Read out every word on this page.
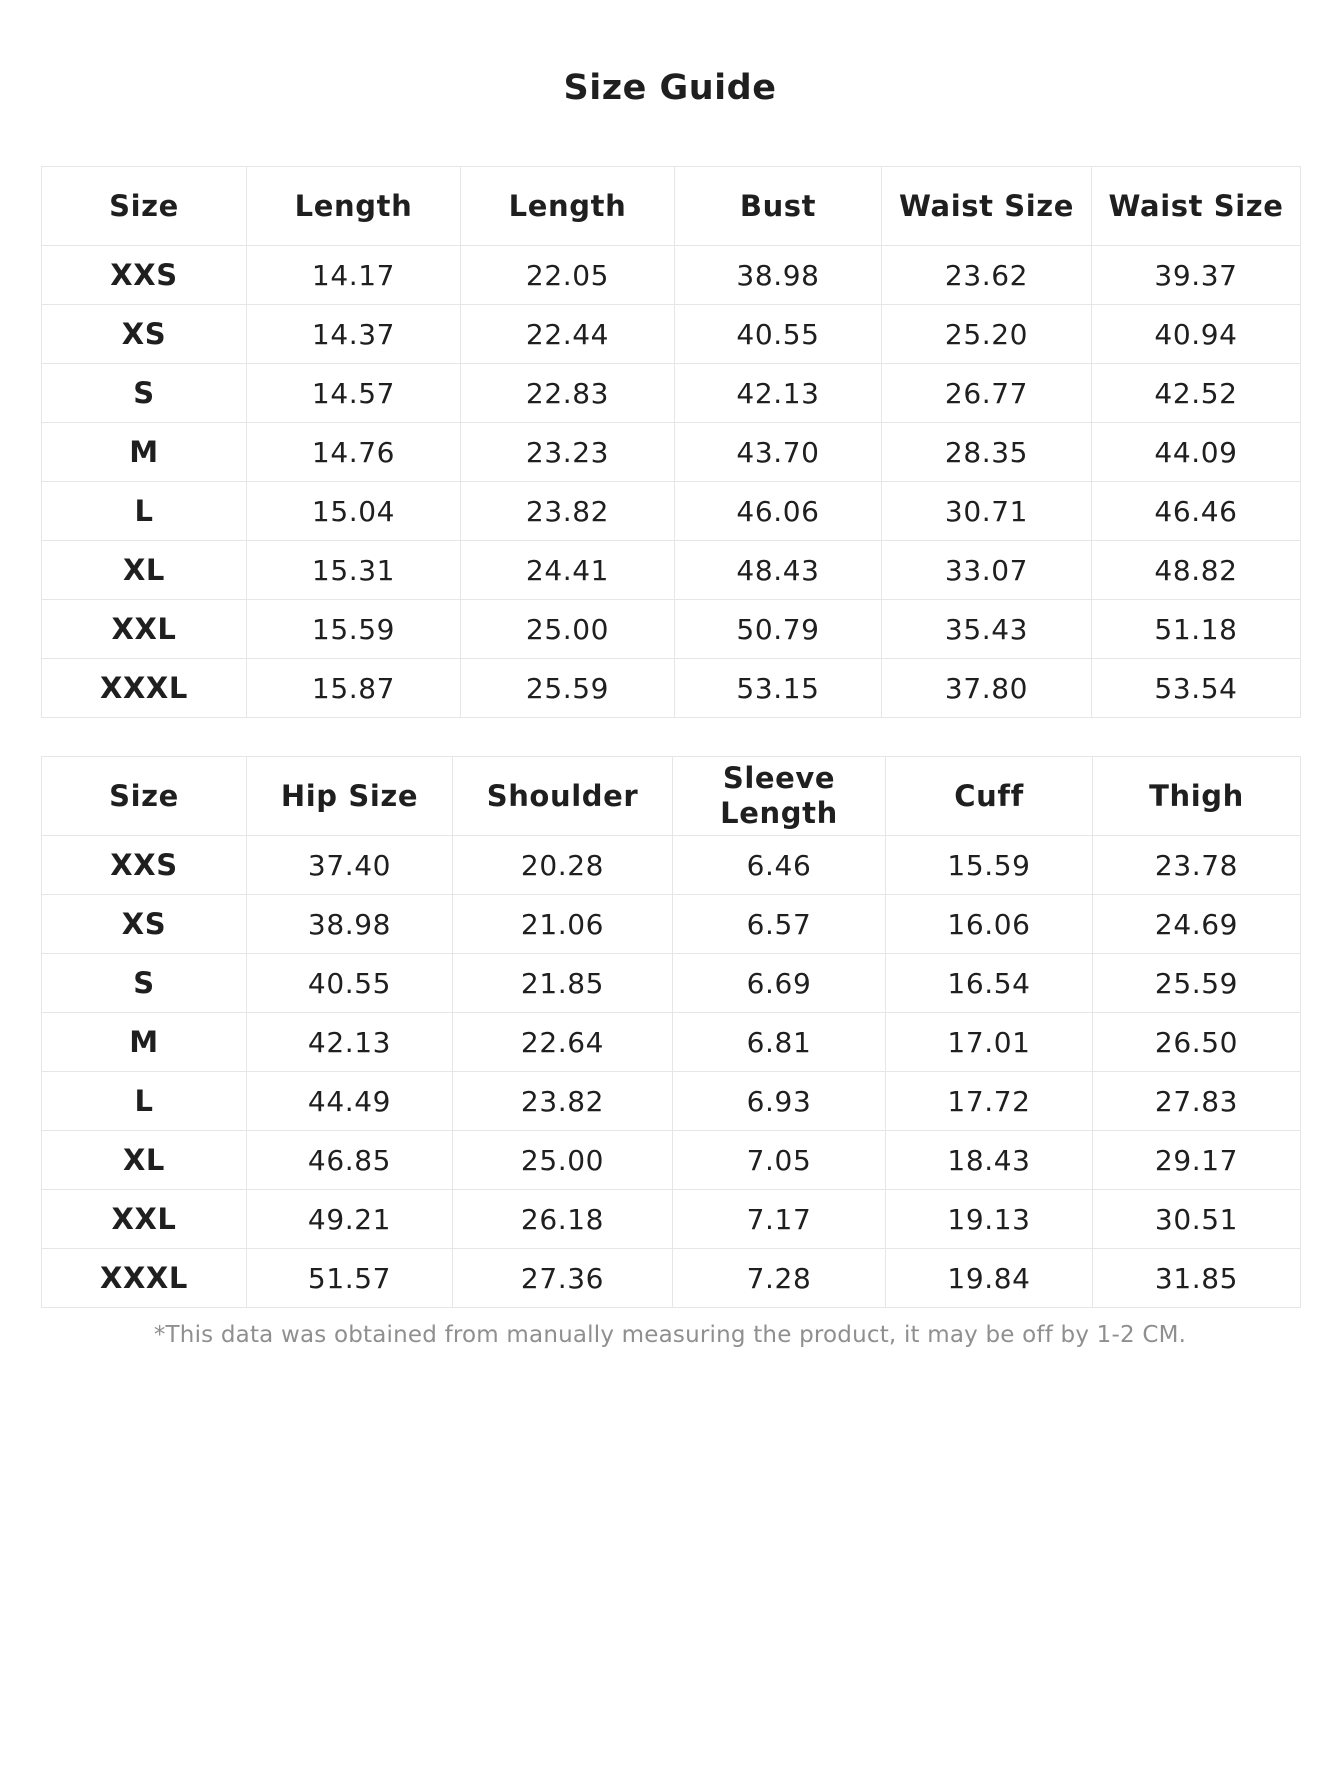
Size Guide
Size	Length	Length	Bust	Waist Size	Waist Size
XXS	14.17	22.05	38.98	23.62	39.37
XS	14.37	22.44	40.55	25.20	40.94
S	14.57	22.83	42.13	26.77	42.52
M	14.76	23.23	43.70	28.35	44.09
L	15.04	23.82	46.06	30.71	46.46
XL	15.31	24.41	48.43	33.07	48.82
XXL	15.59	25.00	50.79	35.43	51.18
XXXL	15.87	25.59	53.15	37.80	53.54
Size	Hip Size	Shoulder	Sleeve Length	Cuff	Thigh
XXS	37.40	20.28	6.46	15.59	23.78
XS	38.98	21.06	6.57	16.06	24.69
S	40.55	21.85	6.69	16.54	25.59
M	42.13	22.64	6.81	17.01	26.50
L	44.49	23.82	6.93	17.72	27.83
XL	46.85	25.00	7.05	18.43	29.17
XXL	49.21	26.18	7.17	19.13	30.51
XXXL	51.57	27.36	7.28	19.84	31.85
*This data was obtained from manually measuring the product, it may be off by 1-2 CM.
